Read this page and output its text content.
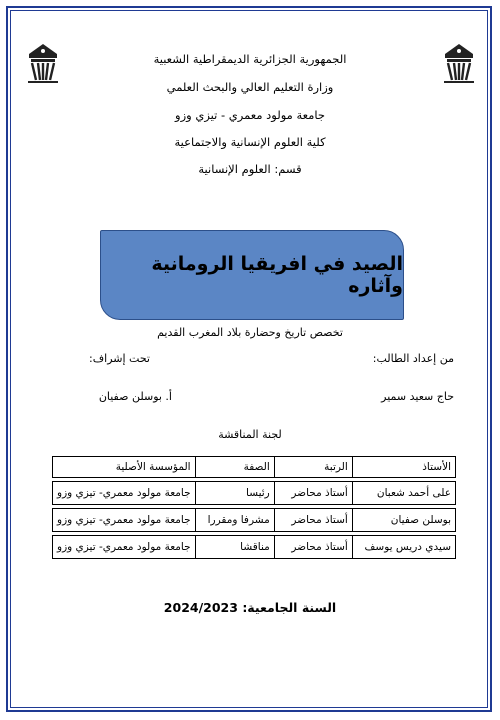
الجمهورية الجزائرية الديمقراطية الشعبية
وزارة التعليم العالي والبحث العلمي
جامعة مولود معمري - تيزي وزو
كلية العلوم الإنسانية والاجتماعية
قسم: العلوم الإنسانية
الصيد في افريقيا الرومانية وآثاره
تخصص تاريخ وحضارة بلاد المغرب القديم
من إعداد الطالب:
تحت إشراف:
حاج سعيد سمير
أ. بوسلن صفيان
لجنة المناقشة
الأستاذ	الرتبة	الصفة	المؤسسة الأصلية

على أحمد شعبان	أستاذ محاضر	رئيسا	جامعة مولود معمري- تيزي وزو

بوسلن صفيان	أستاذ محاضر	مشرفا ومقررا	جامعة مولود معمري- تيزي وزو

سيدي دريس يوسف	أستاذ محاضر	مناقشا	جامعة مولود معمري- تيزي وزو
السنة الجامعية: 2024/2023
